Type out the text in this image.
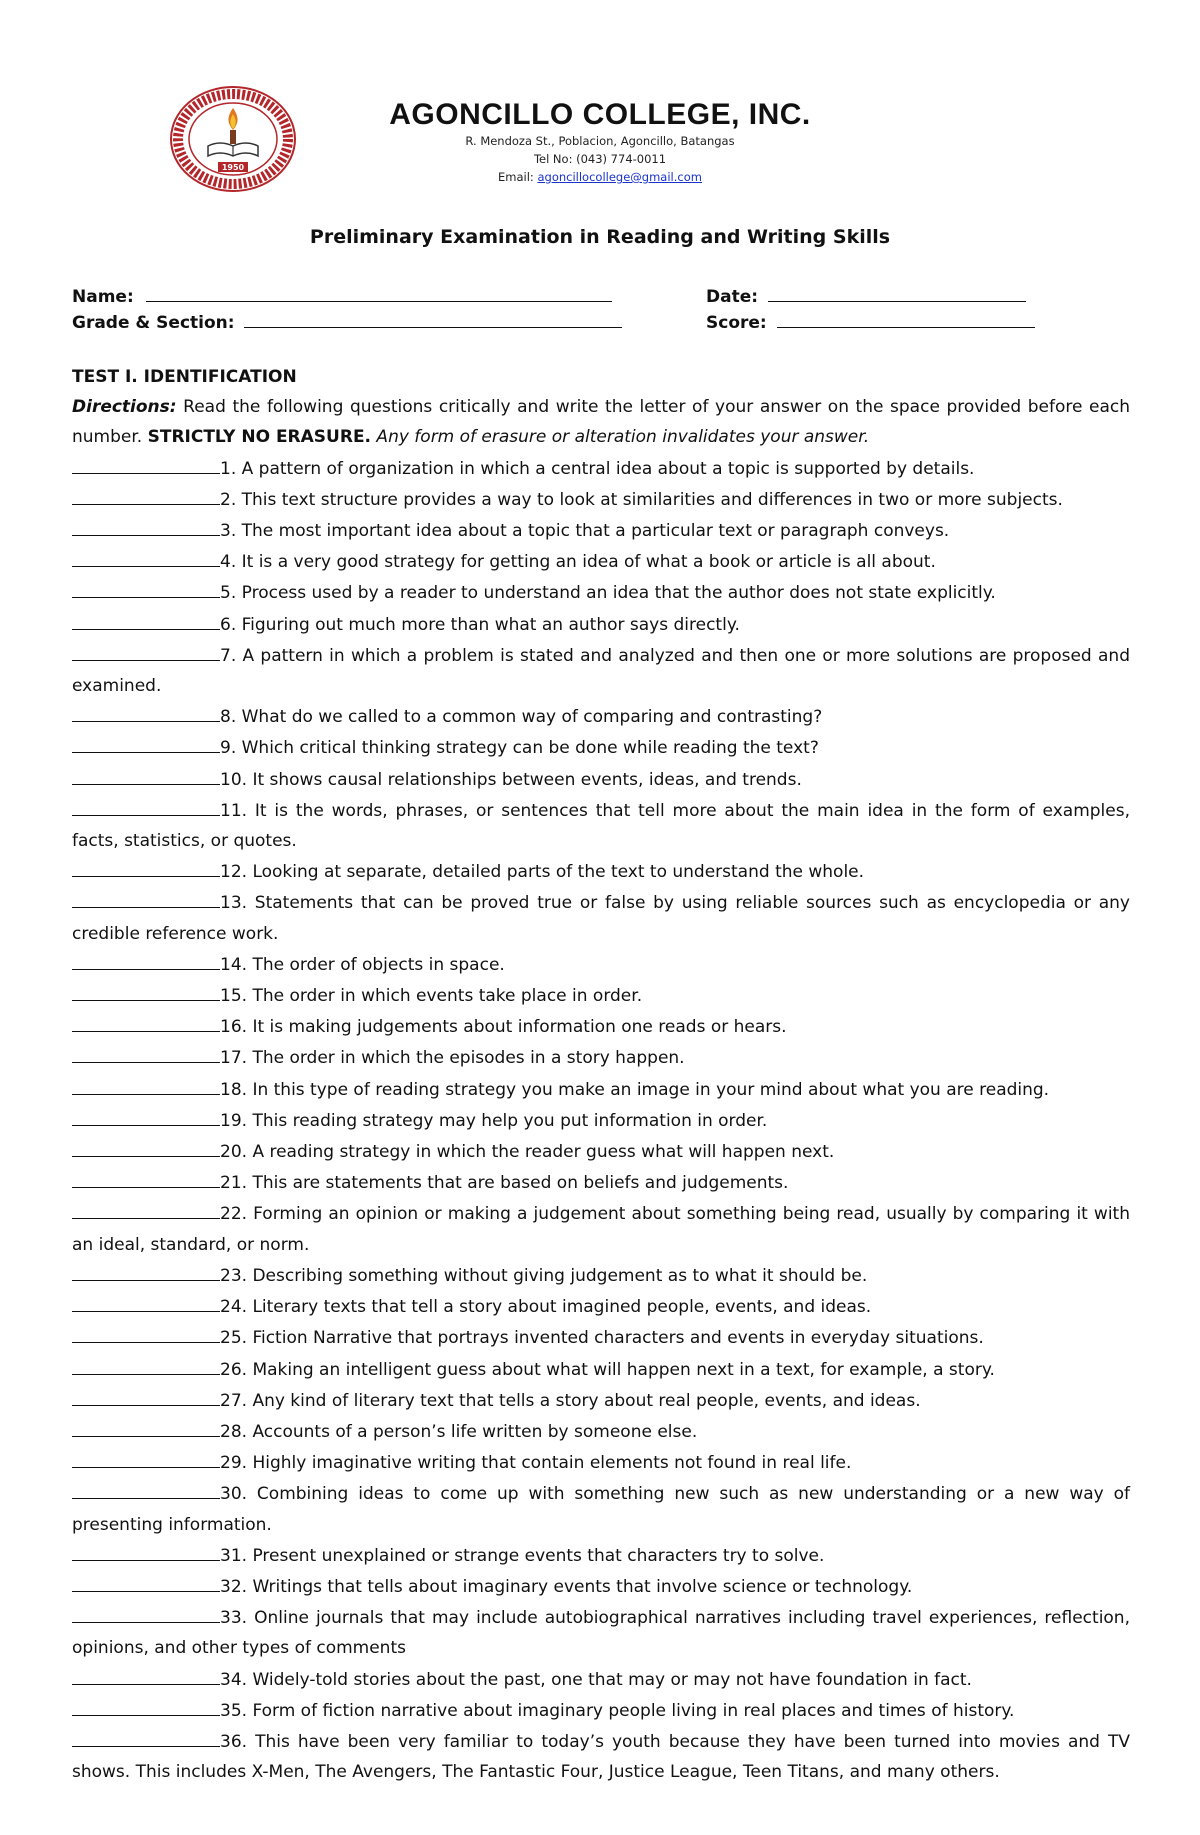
1950
AGONCILLO COLLEGE, INC.
R. Mendoza St., Poblacion, Agoncillo, Batangas
Tel No: (043) 774-0011
Email: agoncillocollege@gmail.com
Preliminary Examination in Reading and Writing Skills
Name:	Date:
Grade & Section:	Score:
TEST I. IDENTIFICATION
Directions: Read the following questions critically and write the letter of your answer on the space provided before each number. STRICTLY NO ERASURE. Any form of erasure or alteration invalidates your answer.
1. A pattern of organization in which a central idea about a topic is supported by details.
2. This text structure provides a way to look at similarities and differences in two or more subjects.
3. The most important idea about a topic that a particular text or paragraph conveys.
4. It is a very good strategy for getting an idea of what a book or article is all about.
5. Process used by a reader to understand an idea that the author does not state explicitly.
6. Figuring out much more than what an author says directly.
7. A pattern in which a problem is stated and analyzed and then one or more solutions are proposed and examined.
8. What do we called to a common way of comparing and contrasting?
9. Which critical thinking strategy can be done while reading the text?
10. It shows causal relationships between events, ideas, and trends.
11. It is the words, phrases, or sentences that tell more about the main idea in the form of examples, facts, statistics, or quotes.
12. Looking at separate, detailed parts of the text to understand the whole.
13. Statements that can be proved true or false by using reliable sources such as encyclopedia or any credible reference work.
14. The order of objects in space.
15. The order in which events take place in order.
16. It is making judgements about information one reads or hears.
17. The order in which the episodes in a story happen.
18. In this type of reading strategy you make an image in your mind about what you are reading.
19. This reading strategy may help you put information in order.
20. A reading strategy in which the reader guess what will happen next.
21. This are statements that are based on beliefs and judgements.
22. Forming an opinion or making a judgement about something being read, usually by comparing it with an ideal, standard, or norm.
23. Describing something without giving judgement as to what it should be.
24. Literary texts that tell a story about imagined people, events, and ideas.
25. Fiction Narrative that portrays invented characters and events in everyday situations.
26. Making an intelligent guess about what will happen next in a text, for example, a story.
27. Any kind of literary text that tells a story about real people, events, and ideas.
28. Accounts of a person’s life written by someone else.
29. Highly imaginative writing that contain elements not found in real life.
30. Combining ideas to come up with something new such as new understanding or a new way of presenting information.
31. Present unexplained or strange events that characters try to solve.
32. Writings that tells about imaginary events that involve science or technology.
33. Online journals that may include autobiographical narratives including travel experiences, reflection, opinions, and other types of comments
34. Widely-told stories about the past, one that may or may not have foundation in fact.
35. Form of fiction narrative about imaginary people living in real places and times of history.
36. This have been very familiar to today’s youth because they have been turned into movies and TV shows. This includes X-Men, The Avengers, The Fantastic Four, Justice League, Teen Titans, and many others.
